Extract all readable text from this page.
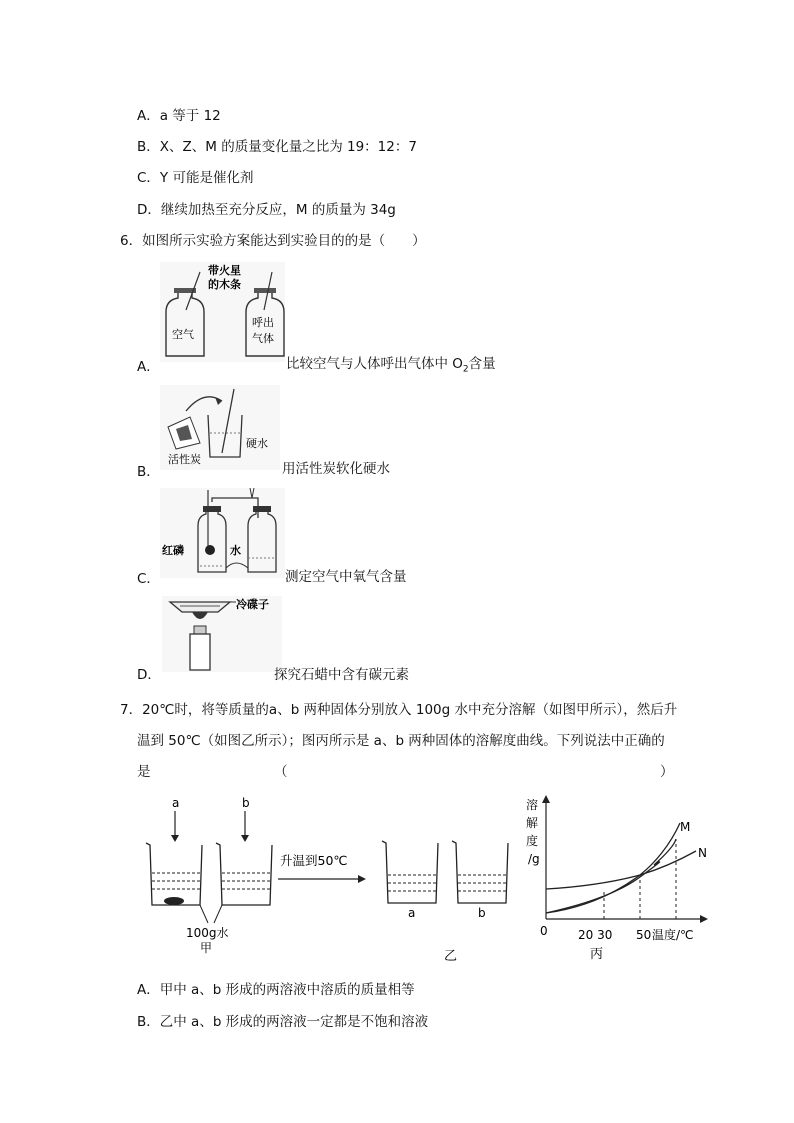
A．a 等于 12
B．X、Z、M 的质量变化量之比为 19：12：7
C．Y 可能是催化剂
D．继续加热至充分反应，M 的质量为 34g
6．如图所示实验方案能达到实验目的的是（　　）
带火星
的木条
空气
呼出
气体
A．	比较空气与人体呼出气体中 $O_2$含量
活性炭
硬水
B．	用活性炭软化硬水
红磷	水
C．	测定空气中氧气含量
冷碟子
D．	探究石蜡中含有碳元素
7．20℃时，将等质量的a、b 两种固体分别放入 100g 水中充分溶解（如图甲所示），然后升
温到 50℃（如图乙所示）；图丙所示是 a、b 两种固体的溶解度曲线。下列说法中正确的
是	（	）
a	b
100g水
甲
升温到50℃
a	b
乙
溶
解
度
/g
M
N
0	20 30 50 温度/℃
丙
A．甲中 a、b 形成的两溶液中溶质的质量相等
B．乙中 a、b 形成的两溶液一定都是不饱和溶液
